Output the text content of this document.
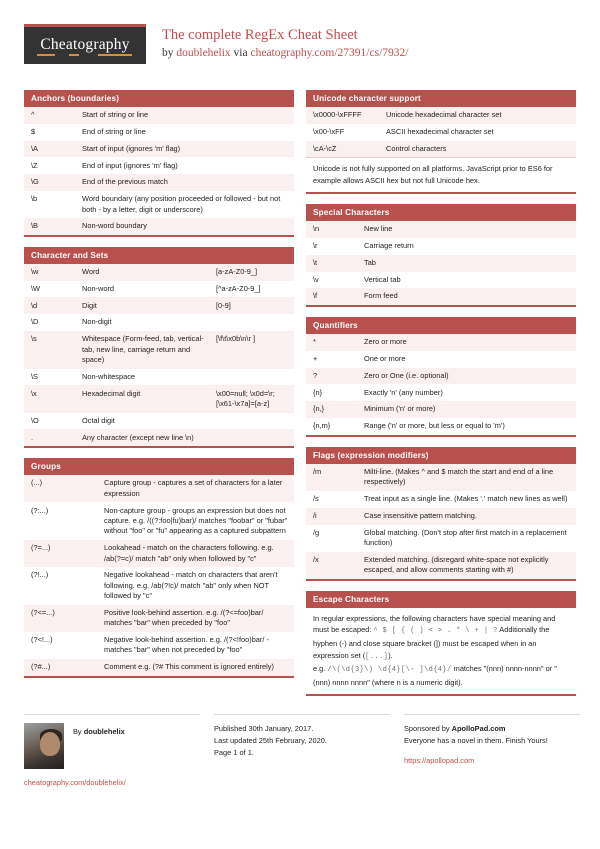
Cheatography
The complete RegEx Cheat Sheet
by doublehelix via cheatography.com/27391/cs/7932/
Anchors (boundaries)
^	Start of string or line
$	End of string or line
\A	Start of input (ignores 'm' flag)
\Z	End of input (ignores 'm' flag)
\G	End of the previous match
\b	Word boundary (any position proceeded or followed - but not both - by a letter, digit or underscore)
\B	Non-word boundary
Character and Sets
\w	Word	[a-zA-Z0-9_]
\W	Non-word	[^a-zA-Z0-9_]
\d	Digit	[0-9]
\D	Non-digit	
\s	Whitespace (Form-feed, tab, vertical-tab, new line, carriage return and space)	[\f\t\x0b\n\r ]
\S	Non-whitespace	
\x	Hexadecimal digit	\x00=null; \x0d=\r; [\x61-\x7a]=[a-z]
\O	Octal digit	
.	Any character (except new line \n)	
Groups
(...)	Capture group - captures a set of characters for a later expression
(?:...)	Non-capture group - groups an expression but does not capture. e.g. /((?:foo|fu)bar)/ matches "foobar" or "fubar" without "foo" or "fu" appearing as a captured subpattern
(?=...)	Lookahead - match on the characters following. e.g. /ab(?=c)/ match "ab" only when followed by "c"
(?!...)	Negative lookahead - match on characters that aren't following. e.g. /ab(?!c)/ match "ab" only when NOT followed by "c"
(?<=...)	Positive look-behind assertion. e.g. /(?<=foo)bar/ matches "bar" when preceded by "foo"
(?<!...)	Negative look-behind assertion. e.g. /(?<!foo)bar/ - matches "bar" when not preceded by "foo"
(?#...)	Comment e.g. (?# This comment is ignored entirely)
Unicode character support
\x0000-\xFFFF	Unicode hexadecimal character set
\x00-\xFF	ASCII hexadecimal character set
\cA-\cZ	Control characters
Unicode is not fully supported on all platforms. JavaScript prior to ES6 for example allows ASCII hex but not full Unicode hex.
Special Characters
\n	New line
\r	Carriage return
\t	Tab
\v	Vertical tab
\f	Form feed
Quantifiers
*	Zero or more
+	One or more
?	Zero or One (i.e. optional)
{n}	Exactly 'n' (any number)
{n,}	Minimum ('n' or more)
{n,m}	Range ('n' or more, but less or equal to 'm')
Flags (expression modifiers)
/m	Milti-line. (Makes ^ and $ match the start and end of a line respectively)
/s	Treat input as a single line. (Makes '.' match new lines as well)
/i	Case insensitive pattern matching.
/g	Global matching. (Don't stop after first match in a replacement function)
/x	Extended matching. (disregard white-space not explicitly escaped, and allow comments starting with #)
Escape Characters
In regular expressions, the following characters have special meaning and must be escaped: ^ $ [ { ( ) < > . * \ + | ? Additionally the hyphen (-) and close square bracket (]) must be escaped when in an expression set ([...]).
e.g. /\(\d{3}\) \d{4}[\- ]\d{4}/ matches "(nnn) nnnn-nnnn" or "(nnn) nnnn nnnn" (where n is a numeric digit).
By doublehelix
cheatography.com/doublehelix/
Published 30th January, 2017.
Last updated 25th February, 2020.
Page 1 of 1.
Sponsored by ApolloPad.com
Everyone has a novel in them. Finish Yours!
https://apollopad.com
